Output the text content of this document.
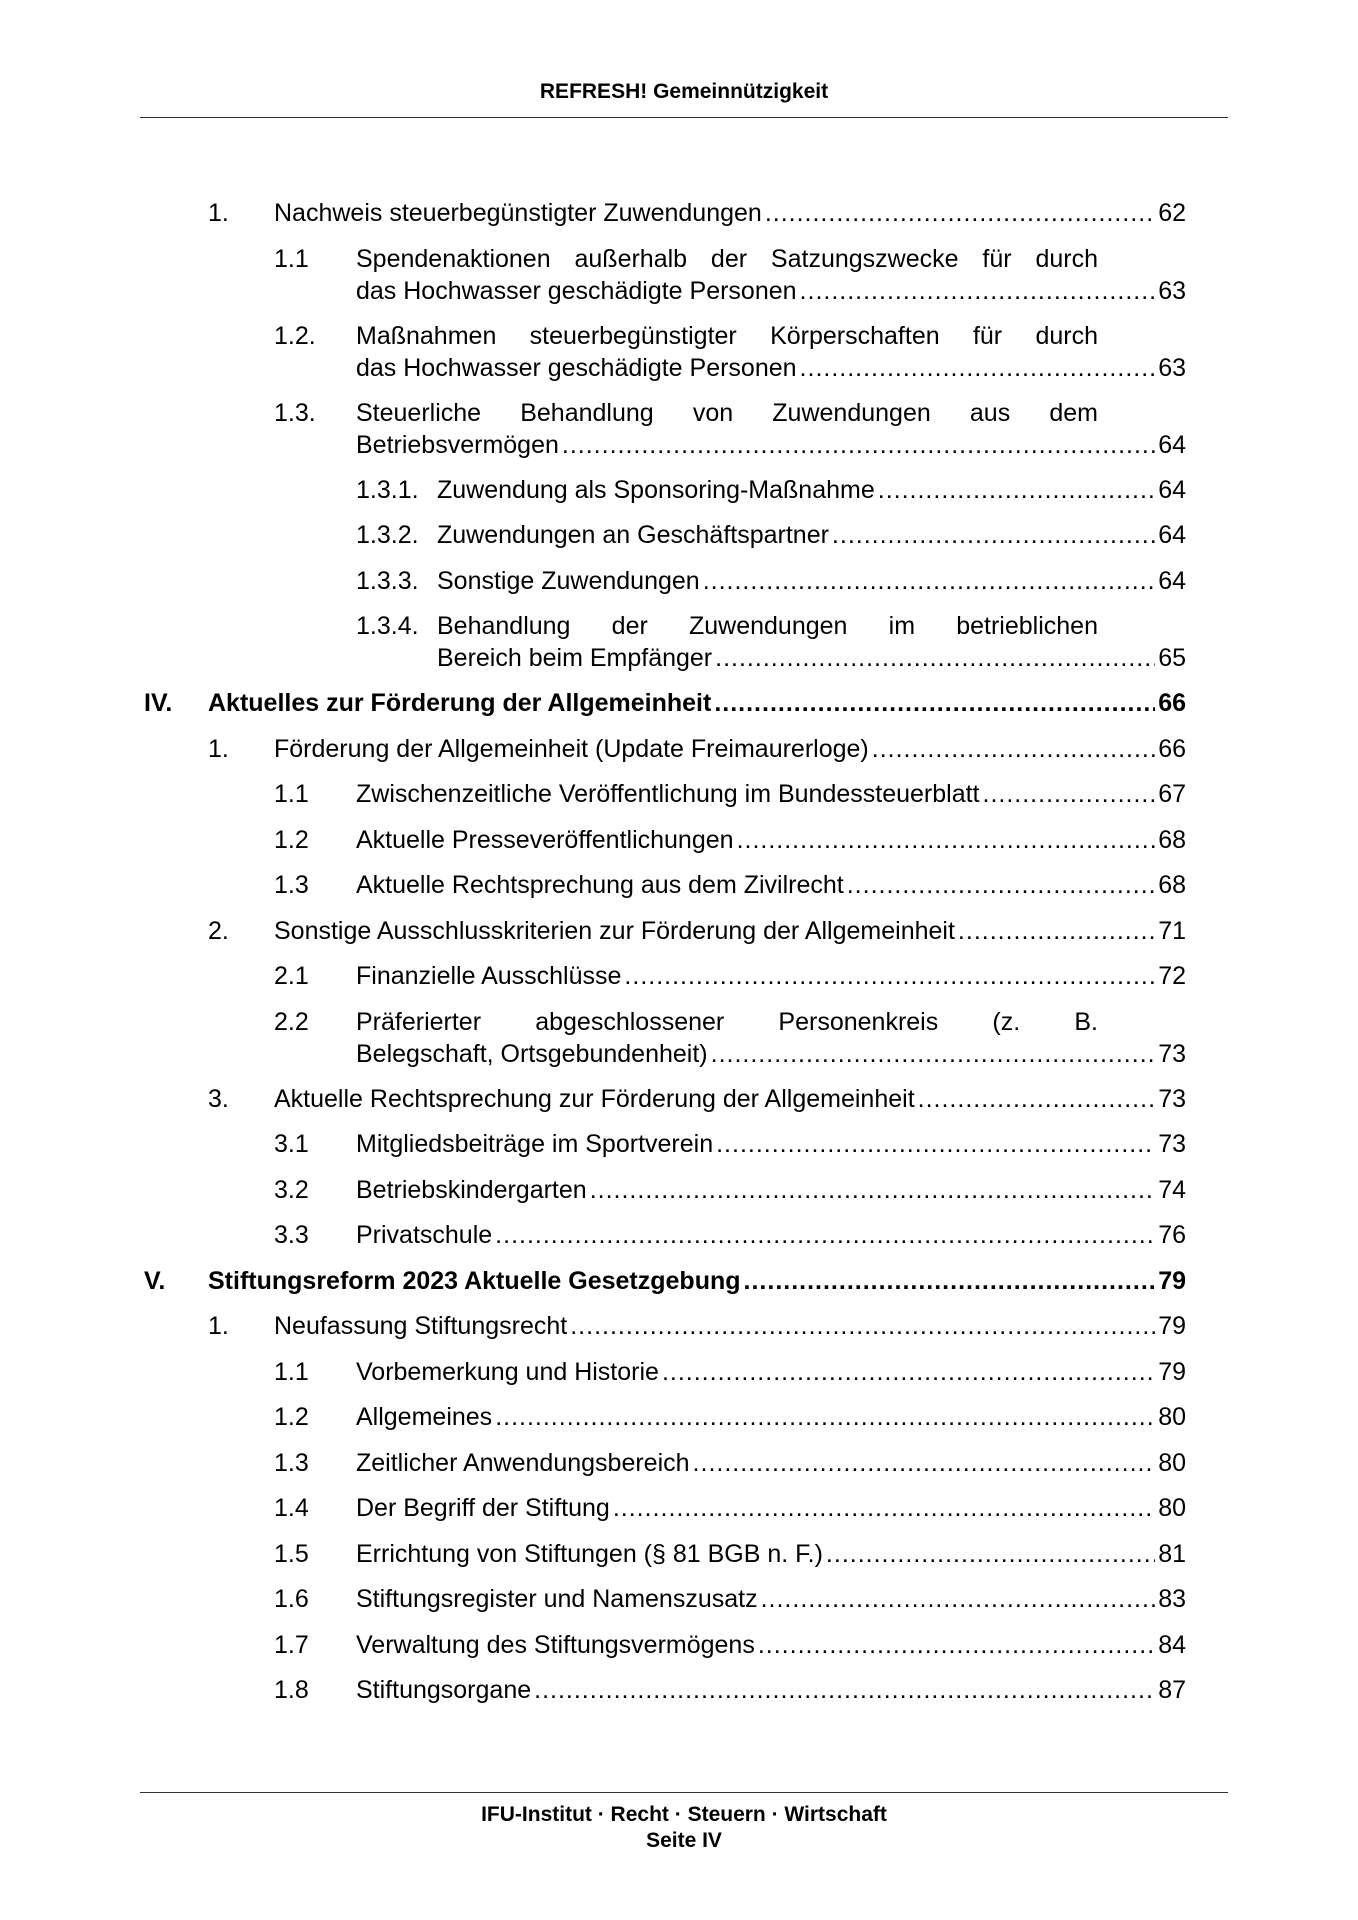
REFRESH! Gemeinnützigkeit
1. Nachweis steuerbegünstigter Zuwendungen .....	62
1.1 Spendenaktionen außerhalb der Satzungszwecke für durch
das Hochwasser geschädigte Personen .....	63
1.2. Maßnahmen steuerbegünstigter Körperschaften für durch
das Hochwasser geschädigte Personen .....	63
1.3. Steuerliche Behandlung von Zuwendungen aus dem
Betriebsvermögen .....	64
1.3.1. Zuwendung als Sponsoring-Maßnahme .....	64
1.3.2. Zuwendungen an Geschäftspartner .....	64
1.3.3. Sonstige Zuwendungen .....	64
1.3.4. Behandlung der Zuwendungen im betrieblichen
Bereich beim Empfänger .....	65
IV. Aktuelles zur Förderung der Allgemeinheit .....	66
1. Förderung der Allgemeinheit (Update Freimaurerloge) .....	66
1.1 Zwischenzeitliche Veröffentlichung im Bundessteuerblatt .....	67
1.2 Aktuelle Presseveröffentlichungen .....	68
1.3 Aktuelle Rechtsprechung aus dem Zivilrecht .....	68
2. Sonstige Ausschlusskriterien zur Förderung der Allgemeinheit .....	71
2.1 Finanzielle Ausschlüsse .....	72
2.2 Präferierter abgeschlossener Personenkreis (z. B.
Belegschaft, Ortsgebundenheit) .....	73
3. Aktuelle Rechtsprechung zur Förderung der Allgemeinheit .....	73
3.1 Mitgliedsbeiträge im Sportverein .....	73
3.2 Betriebskindergarten .....	74
3.3 Privatschule .....	76
V. Stiftungsreform 2023 Aktuelle Gesetzgebung .....	79
1. Neufassung Stiftungsrecht .....	79
1.1 Vorbemerkung und Historie .....	79
1.2 Allgemeines .....	80
1.3 Zeitlicher Anwendungsbereich .....	80
1.4 Der Begriff der Stiftung .....	80
1.5 Errichtung von Stiftungen (§ 81 BGB n. F.) .....	81
1.6 Stiftungsregister und Namenszusatz .....	83
1.7 Verwaltung des Stiftungsvermögens .....	84
1.8 Stiftungsorgane .....	87
IFU-Institut · Recht · Steuern · Wirtschaft
Seite IV
